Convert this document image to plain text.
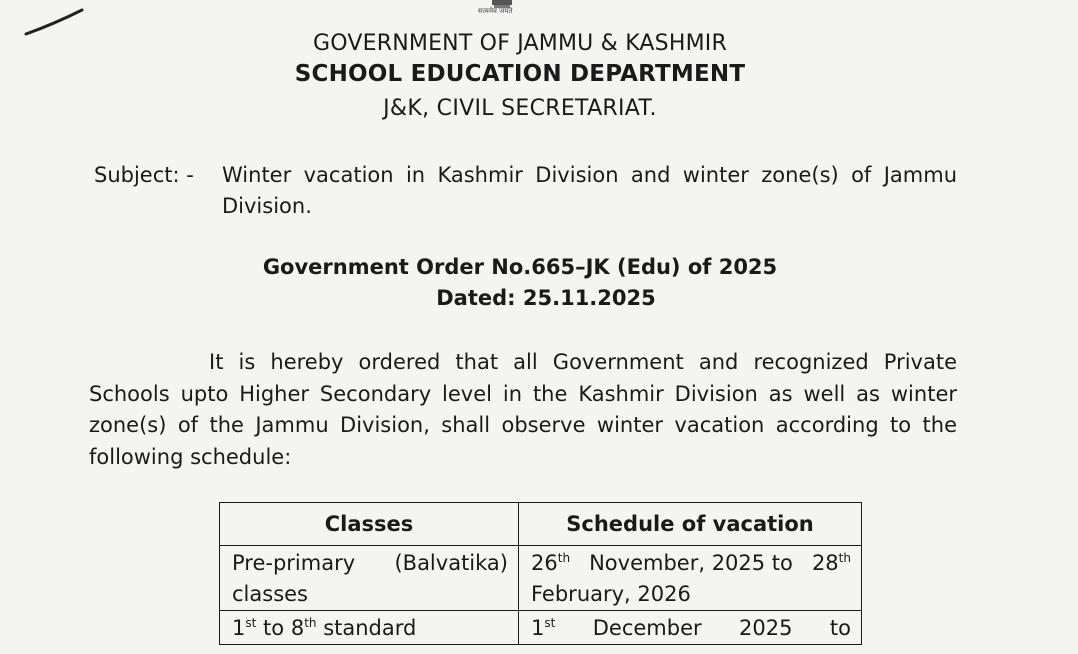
सत्यमेव जयते
GOVERNMENT OF JAMMU & KASHMIR
SCHOOL EDUCATION DEPARTMENT
J&K, CIVIL SECRETARIAT.
Subject: - Winter vacation in Kashmir Division and winter zone(s) of Jammu Division.
Government Order No.665–JK (Edu) of 2025
Dated: 25.11.2025
It is hereby ordered that all Government and recognized Private Schools upto Higher Secondary level in the Kashmir Division as well as winter zone(s) of the Jammu Division, shall observe winter vacation according to the following schedule:
Classes	Schedule of vacation
Pre-primary (Balvatika) classes	26th November, 2025 to 28th
February, 2026

1st to 8th standard	1st December 2025 to
